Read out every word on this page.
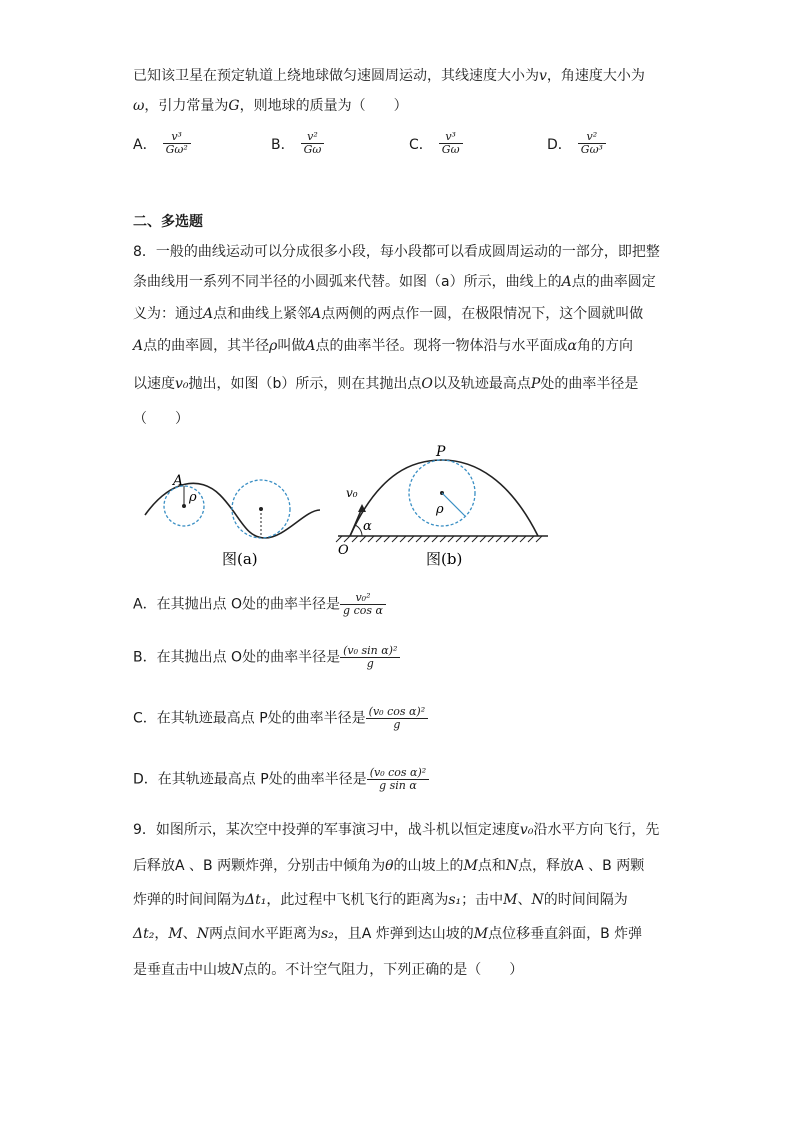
已知该卫星在预定轨道上绕地球做匀速圆周运动，其线速度大小为v，角速度大小为
ω，引力常量为G，则地球的质量为（　　）
A． $\frac{\text{v³}}{\text{Gω²}}$	B． $\frac{\text{v²}}{G\omega}$	C． $\frac{\text{v³}}{G\omega}$	D． $\frac{\text{v²}}{\text{Gω³}}$
二、多选题
8．一般的曲线运动可以分成很多小段，每小段都可以看成圆周运动的一部分，即把整
条曲线用一系列不同半径的小圆弧来代替。如图（a）所示，曲线上的A点的曲率圆定
义为：通过A点和曲线上紧邻A点两侧的两点作一圆，在极限情况下，这个圆就叫做
A点的曲率圆，其半径ρ叫做A点的曲率半径。现将一物体沿与水平面成α角的方向
以速度v₀抛出，如图（b）所示，则在其抛出点O以及轨迹最高点P处的曲率半径是
（　　）
A
ρ
图(a)
P
ρ
v₀
α
O	图(b)
A．在其抛出点 O处的曲率半径是 $\frac{\text{v₀²}}{\text{g cos α}}$
B．在其抛出点 O处的曲率半径是 $\frac{\text{(v₀ sin α)²}}{g}$
C．在其轨迹最高点 P处的曲率半径是 $\frac{\text{(v₀ cos α)²}}{g}$
D．在其轨迹最高点 P处的曲率半径是 $\frac{\text{(v₀ cos α)²}}{\text{g sin α}}$
9．如图所示，某次空中投弹的军事演习中，战斗机以恒定速度v₀沿水平方向飞行，先
后释放A 、B 两颗炸弹，分别击中倾角为θ的山坡上的M点和N点，释放A 、B 两颗
炸弹的时间间隔为Δt₁，此过程中飞机飞行的距离为s₁；击中M、N的时间间隔为
Δt₂，M、N两点间水平距离为s₂，且A 炸弹到达山坡的M点位移垂直斜面，B 炸弹
是垂直击中山坡N点的。不计空气阻力，下列正确的是（　　）
